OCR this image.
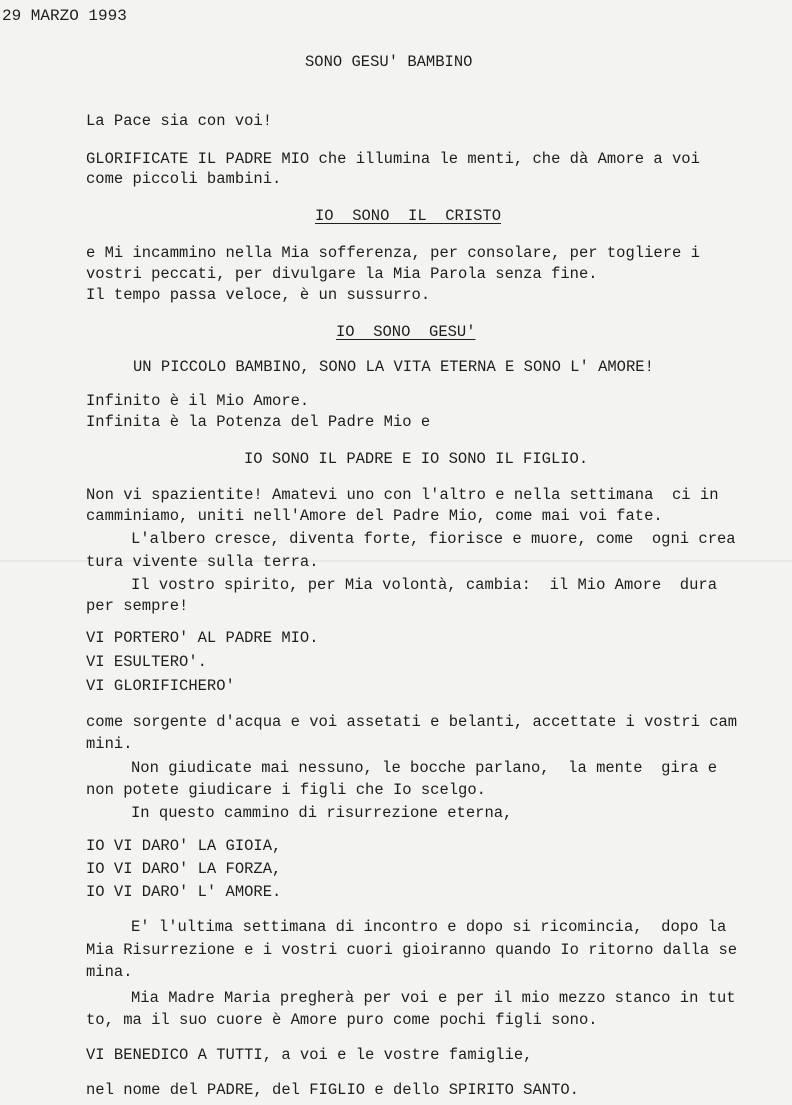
29 MARZO 1993
SONO GESU' BAMBINO
La Pace sia con voi!
GLORIFICATE IL PADRE MIO che illumina le menti, che dà Amore a voi
come piccoli bambini.
IO  SONO  IL  CRISTO
e Mi incammino nella Mia sofferenza, per consolare, per togliere i
vostri peccati, per divulgare la Mia Parola senza fine.
Il tempo passa veloce, è un sussurro.
IO  SONO  GESU'
UN PICCOLO BAMBINO, SONO LA VITA ETERNA E SONO L' AMORE!
Infinito è il Mio Amore.
Infinita è la Potenza del Padre Mio e
IO SONO IL PADRE E IO SONO IL FIGLIO.
Non vi spazientite! Amatevi uno con l'altro e nella settimana  ci in
camminiamo, uniti nell'Amore del Padre Mio, come mai voi fate.
L'albero cresce, diventa forte, fiorisce e muore, come  ogni crea
tura vivente sulla terra.
Il vostro spirito, per Mia volontà, cambia:  il Mio Amore  dura
per sempre!
VI PORTERO' AL PADRE MIO.
VI ESULTERO'.
VI GLORIFICHERO'
come sorgente d'acqua e voi assetati e belanti, accettate i vostri cam
mini.
Non giudicate mai nessuno, le bocche parlano,  la mente  gira e
non potete giudicare i figli che Io scelgo.
In questo cammino di risurrezione eterna,
IO VI DARO' LA GIOIA,
IO VI DARO' LA FORZA,
IO VI DARO' L' AMORE.
E' l'ultima settimana di incontro e dopo si ricomincia,  dopo la
Mia Risurrezione e i vostri cuori gioiranno quando Io ritorno dalla se
mina.
Mia Madre Maria pregherà per voi e per il mio mezzo stanco in tut
to, ma il suo cuore è Amore puro come pochi figli sono.
VI BENEDICO A TUTTI, a voi e le vostre famiglie,
nel nome del PADRE, del FIGLIO e dello SPIRITO SANTO.
